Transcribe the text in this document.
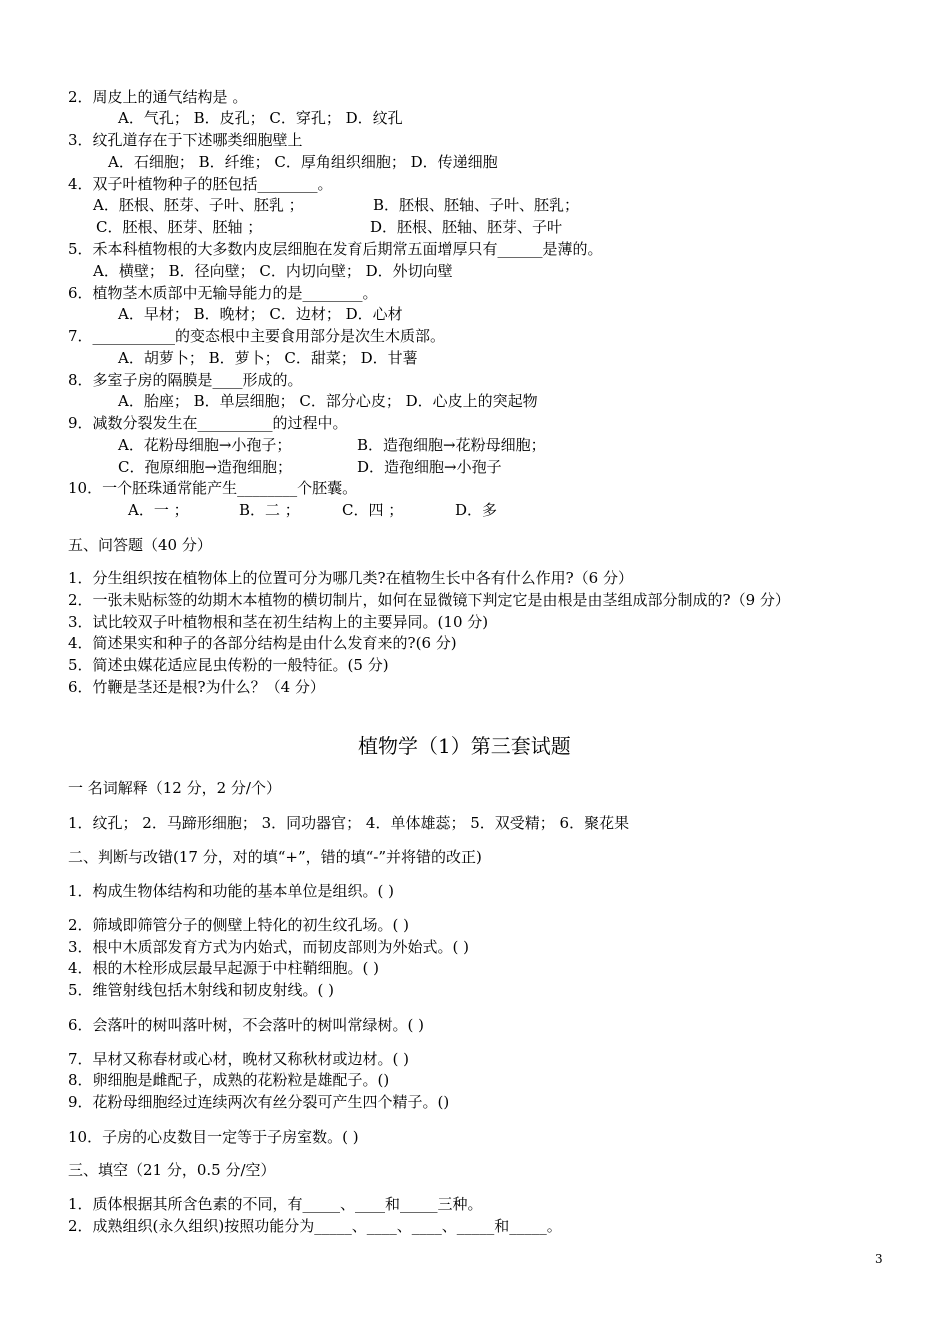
2．周皮上的通气结构是 。
A．气孔； B．皮孔； C．穿孔； D．纹孔
3．纹孔道存在于下述哪类细胞壁上
A．石细胞； B．纤维； C．厚角组织细胞； D．传递细胞
4．双子叶植物种子的胚包括________。
A．胚根、胚芽、子叶、胚乳 ；	B．胚根、胚轴、子叶、胚乳；
C．胚根、胚芽、胚轴 ；	D．胚根、胚轴、胚芽、子叶
5．禾本科植物根的大多数内皮层细胞在发育后期常五面增厚只有______是薄的。
A．横壁； B．径向壁； C．内切向壁； D．外切向壁
6．植物茎木质部中无输导能力的是________。
A．早材； B．晚材； C．边材； D．心材
7．___________的变态根中主要食用部分是次生木质部。
A．胡萝卜； B．萝卜； C．甜菜； D．甘薯
8．多室子房的隔膜是____形成的。
A．胎座； B．单层细胞； C．部分心皮； D．心皮上的突起物
9．减数分裂发生在__________的过程中。
A．花粉母细胞→小孢子；	B．造孢细胞→花粉母细胞；
C．孢原细胞→造孢细胞；	D．造孢细胞→小孢子
10．一个胚珠通常能产生________个胚囊。
A．一 ；	B．二 ；	C．四 ；	D．多
五、问答题（40 分）
1．分生组织按在植物体上的位置可分为哪几类?在植物生长中各有什么作用?（6 分）
2．一张未贴标签的幼期木本植物的横切制片，如何在显微镜下判定它是由根是由茎组成部分制成的?（9 分）
3．试比较双子叶植物根和茎在初生结构上的主要异同。(10 分)
4．简述果实和种子的各部分结构是由什么发育来的?(6 分)
5．简述虫媒花适应昆虫传粉的一般特征。(5 分)
6．竹鞭是茎还是根?为什么？（4 分）
植物学（1）第三套试题
一 名词解释（12 分，2 分/个）
1．纹孔； 2．马蹄形细胞； 3．同功器官； 4．单体雄蕊； 5．双受精； 6．聚花果
二、判断与改错(17 分，对的填“+”，错的填“-”并将错的改正)
1．构成生物体结构和功能的基本单位是组织。( )
2．筛域即筛管分子的侧壁上特化的初生纹孔场。( )
3．根中木质部发育方式为内始式，而韧皮部则为外始式。( )
4．根的木栓形成层最早起源于中柱鞘细胞。( )
5．维管射线包括木射线和韧皮射线。( )
6．会落叶的树叫落叶树，不会落叶的树叫常绿树。( )
7．早材又称春材或心材，晚材又称秋材或边材。( )
8．卵细胞是雌配子，成熟的花粉粒是雄配子。()
9．花粉母细胞经过连续两次有丝分裂可产生四个精子。()
10．子房的心皮数目一定等于子房室数。( )
三、填空（21 分，0.5 分/空）
1．质体根据其所含色素的不同，有_____、____和_____三种。
2．成熟组织(永久组织)按照功能分为_____、____、____、_____和_____。
3
